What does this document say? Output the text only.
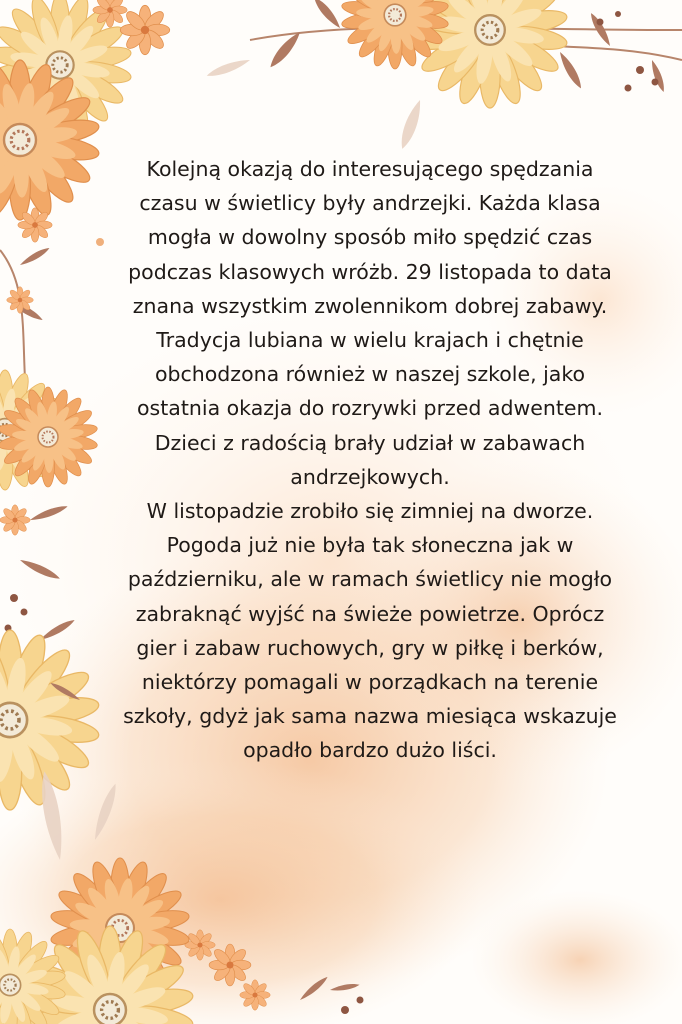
Kolejną okazją do interesującego spędzania
czasu w świetlicy były andrzejki. Każda klasa
mogła w dowolny sposób miło spędzić czas
podczas klasowych wróżb. 29 listopada to data
znana wszystkim zwolennikom dobrej zabawy.
Tradycja lubiana w wielu krajach i chętnie
obchodzona również w naszej szkole, jako
ostatnia okazja do rozrywki przed adwentem.
Dzieci z radością brały udział w zabawach
andrzejkowych.
W listopadzie zrobiło się zimniej na dworze.
Pogoda już nie była tak słoneczna jak w
październiku, ale w ramach świetlicy nie mogło
zabraknąć wyjść na świeże powietrze. Oprócz
gier i zabaw ruchowych, gry w piłkę i berków,
niektórzy pomagali w porządkach na terenie
szkoły, gdyż jak sama nazwa miesiąca wskazuje
opadło bardzo dużo liści.
